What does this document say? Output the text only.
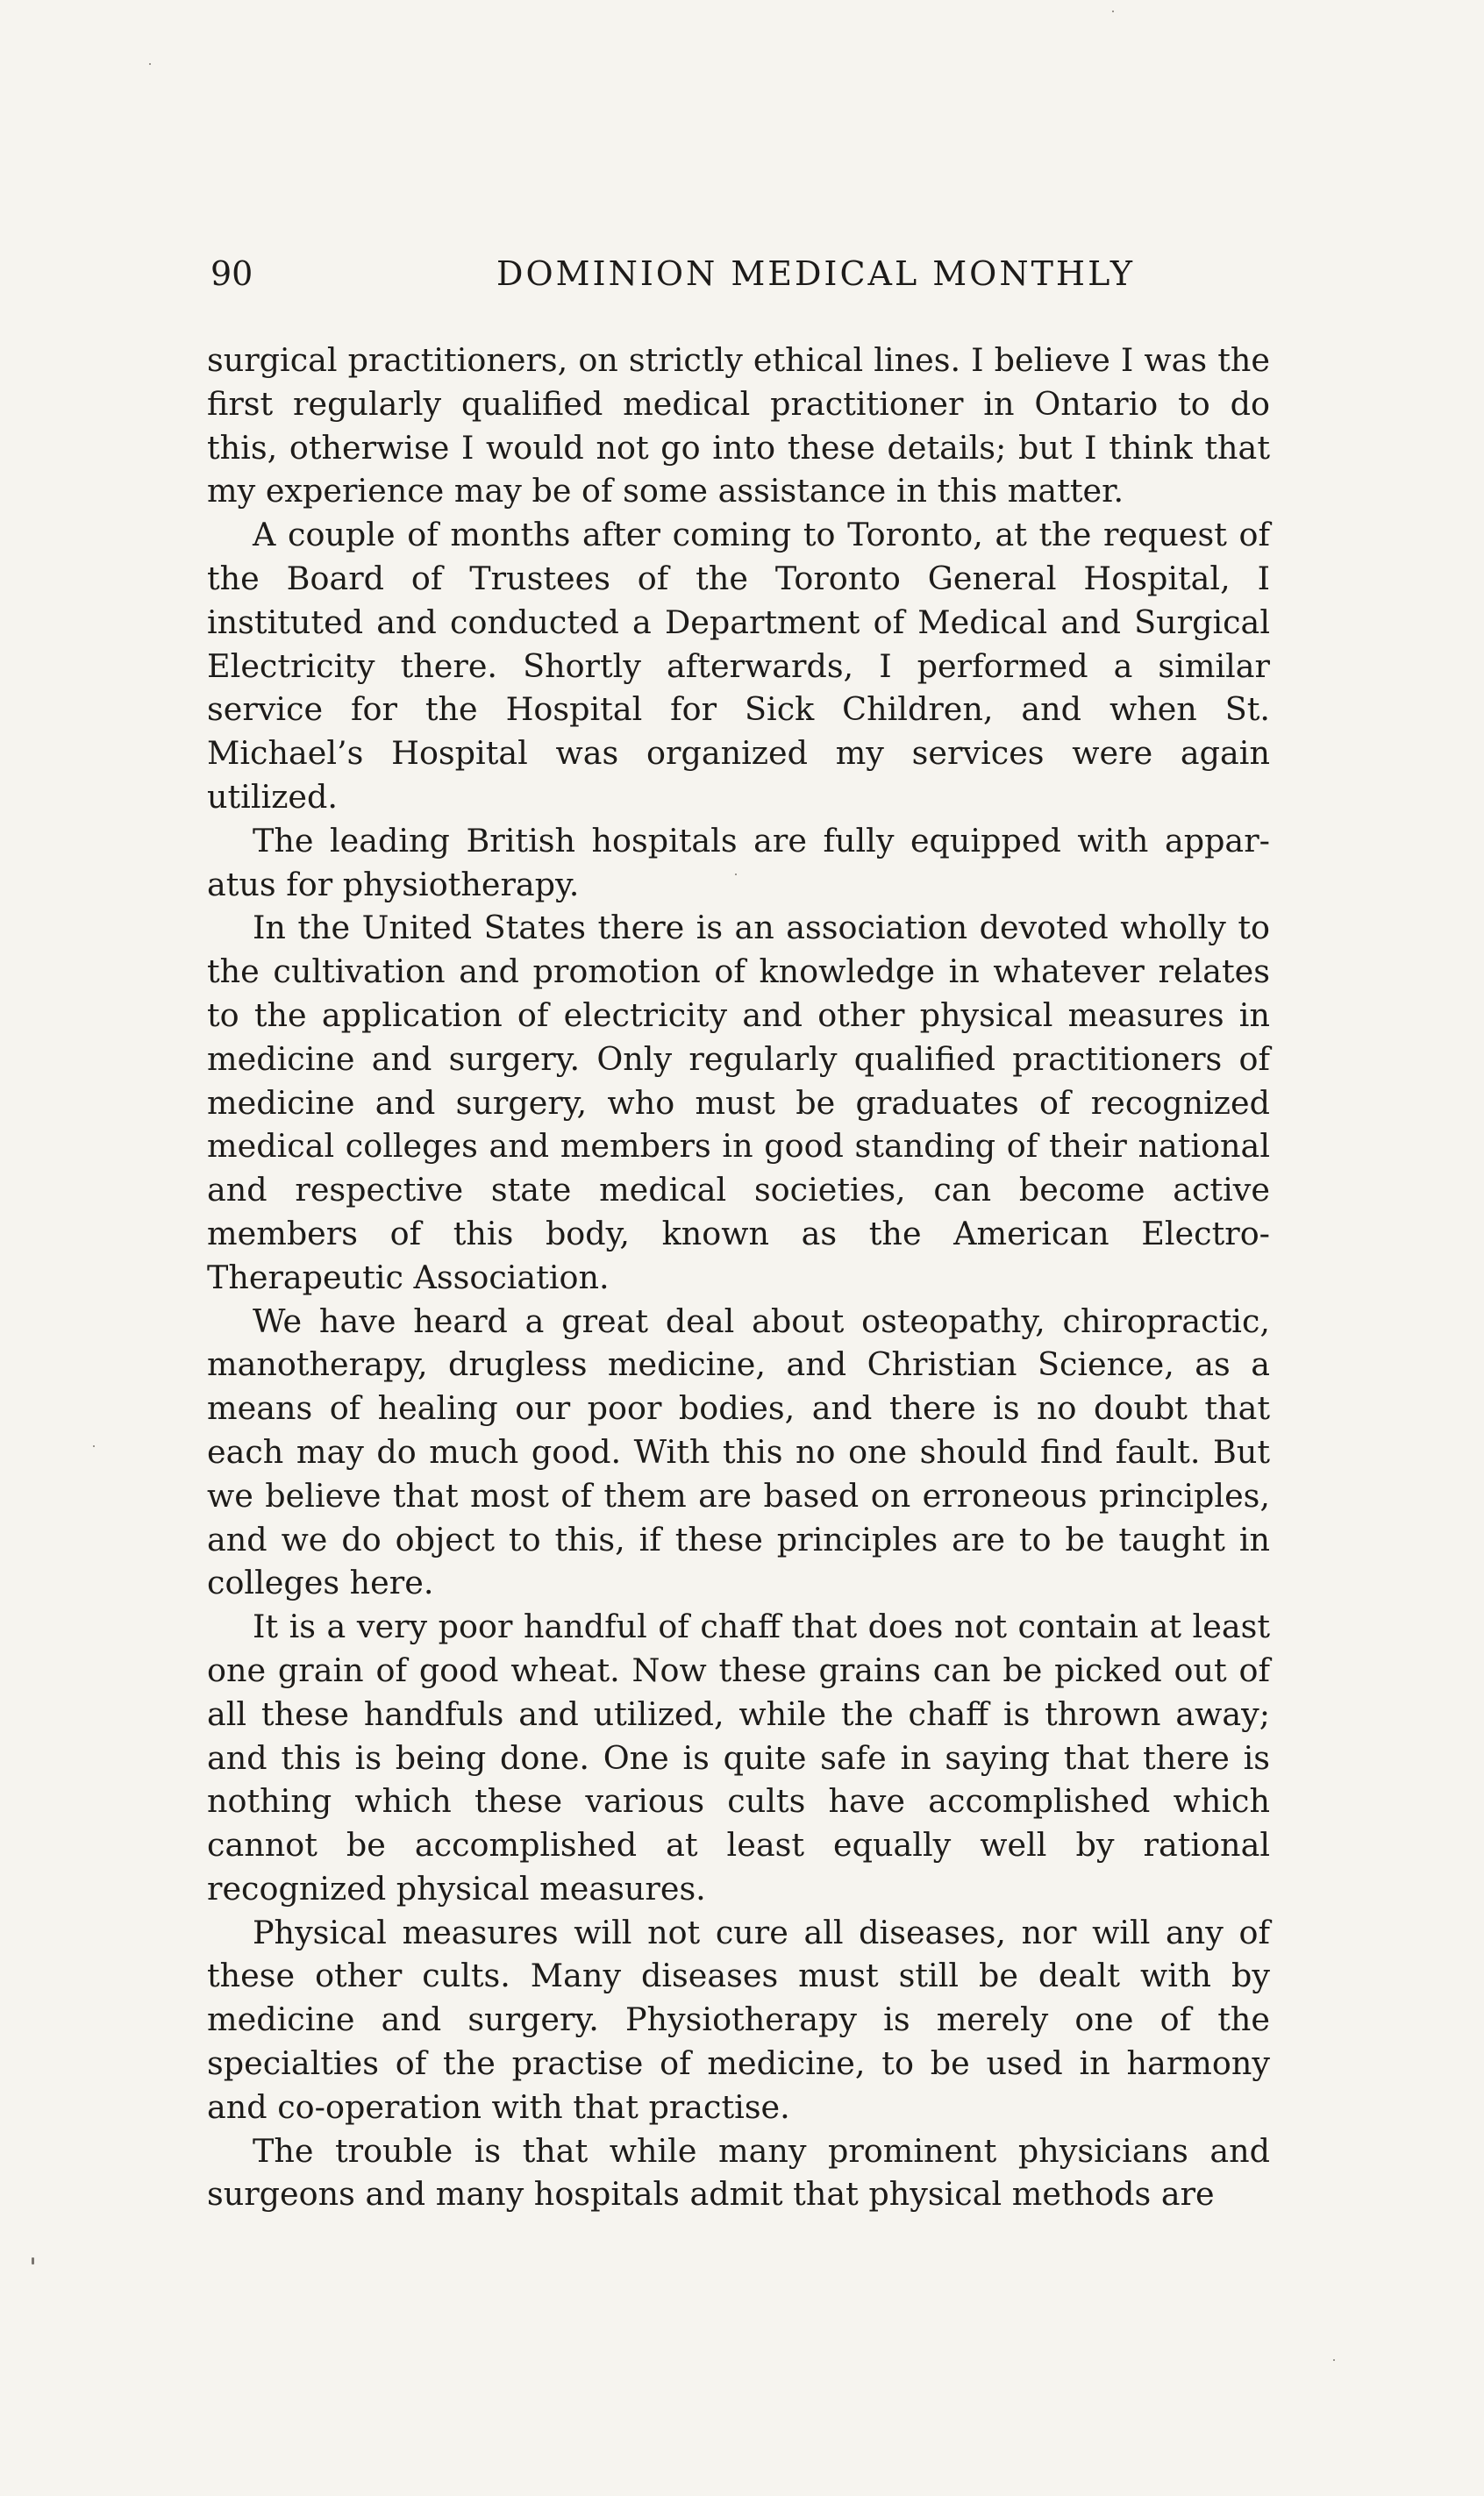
90	DOMINION MEDICAL MONTHLY

surgical practitioners, on strictly ethical lines. I believe I was the first regularly qualified medical practitioner in Ontario to do this, otherwise I would not go into these details; but I think that my experience may be of some assistance in this matter.

A couple of months after coming to Toronto, at the request of the Board of Trustees of the Toronto General Hospital, I instituted and conducted a Department of Medical and Surgical Electricity there. Shortly afterwards, I performed a similar service for the Hospital for Sick Children, and when St. Michael’s Hospital was organized my services were again utilized.

The leading British hospitals are fully equipped with apparatus for physiotherapy.

In the United States there is an association devoted wholly to the cultivation and promotion of knowledge in whatever relates to the application of electricity and other physical measures in medicine and surgery. Only regularly qualified practitioners of medicine and surgery, who must be graduates of recognized medical colleges and members in good standing of their national and respective state medical societies, can become active members of this body, known as the American Electro-Therapeutic Association.

We have heard a great deal about osteopathy, chiropractic, manotherapy, drugless medicine, and Christian Science, as a means of healing our poor bodies, and there is no doubt that each may do much good. With this no one should find fault. But we believe that most of them are based on erroneous principles, and we do object to this, if these principles are to be taught in colleges here.

It is a very poor handful of chaff that does not contain at least one grain of good wheat. Now these grains can be picked out of all these handfuls and utilized, while the chaff is thrown away; and this is being done. One is quite safe in saying that there is nothing which these various cults have accomplished which cannot be accomplished at least equally well by rational recognized physical measures.

Physical measures will not cure all diseases, nor will any of these other cults. Many diseases must still be dealt with by medicine and surgery. Physiotherapy is merely one of the specialties of the practise of medicine, to be used in harmony and co-operation with that practise.

The trouble is that while many prominent physicians and surgeons and many hospitals admit that physical methods are
